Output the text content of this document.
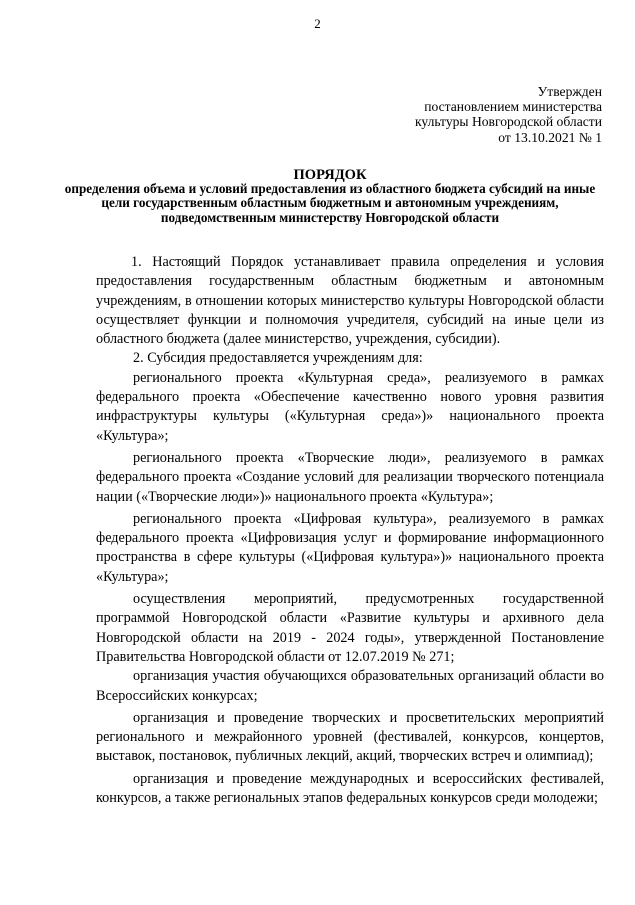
2
Утвержден
постановлением министерства
культуры Новгородской области
от 13.10.2021 № 1
ПОРЯДОК
определения объема и условий предоставления из областного бюджета субсидий на иные цели государственным областным бюджетным и автономным учреждениям, подведомственным министерству Новгородской области

1. Настоящий Порядок устанавливает правила определения и условия предоставления государственным областным бюджетным и автономным учреждениям, в отношении которых министерство культуры Новгородской области осуществляет функции и полномочия учредителя, субсидий на иные цели из областного бюджета (далее министерство, учреждения, субсидии).

2. Субсидия предоставляется учреждениям для:

регионального проекта «Культурная среда», реализуемого в рамках федерального проекта «Обеспечение качественно нового уровня развития инфраструктуры культуры («Культурная среда»)» национального проекта «Культура»;

регионального проекта «Творческие люди», реализуемого в рамках федерального проекта «Создание условий для реализации творческого потенциала нации («Творческие люди»)» национального проекта «Культура»;

регионального проекта «Цифровая культура», реализуемого в рамках федерального проекта «Цифровизация услуг и формирование информационного пространства в сфере культуры («Цифровая культура»)» национального проекта «Культура»;

осуществления мероприятий, предусмотренных государственной программой Новгородской области «Развитие культуры и архивного дела Новгородской области на 2019 - 2024 годы», утвержденной Постановление Правительства Новгородской области от 12.07.2019 № 271;

организация участия обучающихся образовательных организаций области во Всероссийских конкурсах;

организация и проведение творческих и просветительских мероприятий регионального и межрайонного уровней (фестивалей, конкурсов, концертов, выставок, постановок, публичных лекций, акций, творческих встреч и олимпиад);

организация и проведение международных и всероссийских фестивалей, конкурсов, а также региональных этапов федеральных конкурсов среди молодежи;
